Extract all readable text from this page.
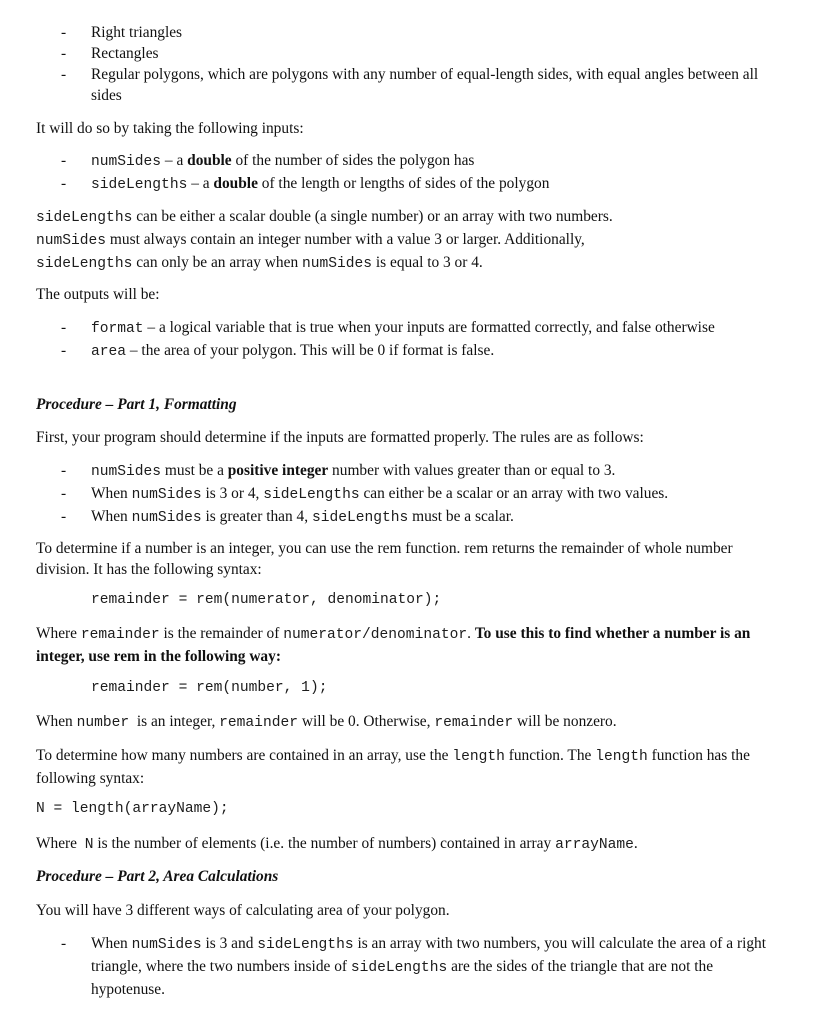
- Right triangles
- Rectangles
- Regular polygons, which are polygons with any number of equal-length sides, with equal angles between all sides

It will do so by taking the following inputs:

- numSides – a double of the number of sides the polygon has
- sideLengths – a double of the length or lengths of sides of the polygon
sideLengths can be either a scalar double (a single number) or an array with two numbers.
numSides must always contain an integer number with a value 3 or larger. Additionally,
sideLengths can only be an array when numSides is equal to 3 or 4.

The outputs will be:

- format – a logical variable that is true when your inputs are formatted correctly, and false otherwise
- area – the area of your polygon. This will be 0 if format is false.

Procedure – Part 1, Formatting

First, your program should determine if the inputs are formatted properly. The rules are as follows:

- numSides must be a positive integer number with values greater than or equal to 3.
- When numSides is 3 or 4, sideLengths can either be a scalar or an array with two values.
- When numSides is greater than 4, sideLengths must be a scalar.

To determine if a number is an integer, you can use the rem function. rem returns the remainder of whole number division. It has the following syntax:

remainder = rem(numerator, denominator);
Where remainder is the remainder of numerator/denominator. To use this to find whether a number is an integer, use rem in the following way:
remainder = rem(number, 1);
When number  is an integer, remainder will be 0. Otherwise, remainder will be nonzero.
To determine how many numbers are contained in an array, use the length function. The length function has the following syntax:
N = length(arrayName);
Where  N is the number of elements (i.e. the number of numbers) contained in array arrayName.

Procedure – Part 2, Area Calculations

You will have 3 different ways of calculating area of your polygon.

- When numSides is 3 and sideLengths is an array with two numbers, you will calculate the area of a right triangle, where the two numbers inside of sideLengths are the sides of the triangle that are not the hypotenuse.
